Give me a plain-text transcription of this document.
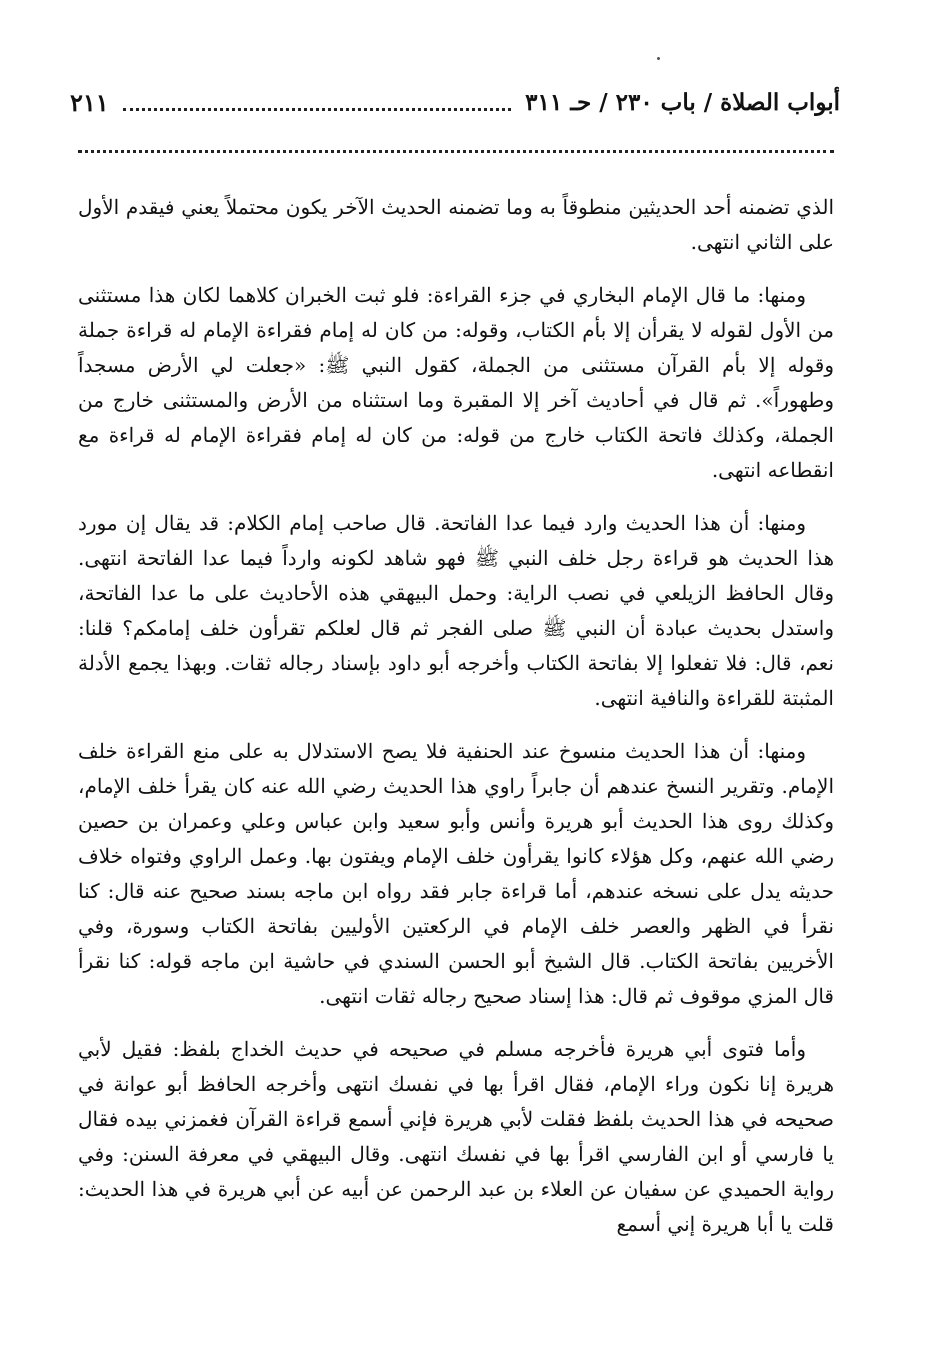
أبواب الصلاة / باب ٢٣٠ / حـ ٣١١
٢١١

الذي تضمنه أحد الحديثين منطوقاً به وما تضمنه الحديث الآخر يكون محتملاً يعني فيقدم الأول على الثاني انتهى.

ومنها: ما قال الإمام البخاري في جزء القراءة: فلو ثبت الخبران كلاهما لكان هذا مستثنى من الأول لقوله لا يقرأن إلا بأم الكتاب، وقوله: من كان له إمام فقراءة الإمام له قراءة جملة وقوله إلا بأم القرآن مستثنى من الجملة، كقول النبي ﷺ: «جعلت لي الأرض مسجداً وطهوراً». ثم قال في أحاديث آخر إلا المقبرة وما استثناه من الأرض والمستثنى خارج من الجملة، وكذلك فاتحة الكتاب خارج من قوله: من كان له إمام فقراءة الإمام له قراءة مع انقطاعه انتهى.

ومنها: أن هذا الحديث وارد فيما عدا الفاتحة. قال صاحب إمام الكلام: قد يقال إن مورد هذا الحديث هو قراءة رجل خلف النبي ﷺ فهو شاهد لكونه وارداً فيما عدا الفاتحة انتهى. وقال الحافظ الزيلعي في نصب الراية: وحمل البيهقي هذه الأحاديث على ما عدا الفاتحة، واستدل بحديث عبادة أن النبي ﷺ صلى الفجر ثم قال لعلكم تقرأون خلف إمامكم؟ قلنا: نعم، قال: فلا تفعلوا إلا بفاتحة الكتاب وأخرجه أبو داود بإسناد رجاله ثقات. وبهذا يجمع الأدلة المثبتة للقراءة والنافية انتهى.

ومنها: أن هذا الحديث منسوخ عند الحنفية فلا يصح الاستدلال به على منع القراءة خلف الإمام. وتقرير النسخ عندهم أن جابراً راوي هذا الحديث رضي الله عنه كان يقرأ خلف الإمام، وكذلك روى هذا الحديث أبو هريرة وأنس وأبو سعيد وابن عباس وعلي وعمران بن حصين رضي الله عنهم، وكل هؤلاء كانوا يقرأون خلف الإمام ويفتون بها. وعمل الراوي وفتواه خلاف حديثه يدل على نسخه عندهم، أما قراءة جابر فقد رواه ابن ماجه بسند صحيح عنه قال: كنا نقرأ في الظهر والعصر خلف الإمام في الركعتين الأوليين بفاتحة الكتاب وسورة، وفي الأخريين بفاتحة الكتاب. قال الشيخ أبو الحسن السندي في حاشية ابن ماجه قوله: كنا نقرأ قال المزي موقوف ثم قال: هذا إسناد صحيح رجاله ثقات انتهى.

وأما فتوى أبي هريرة فأخرجه مسلم في صحيحه في حديث الخداج بلفظ: فقيل لأبي هريرة إنا نكون وراء الإمام، فقال اقرأ بها في نفسك انتهى وأخرجه الحافظ أبو عوانة في صحيحه في هذا الحديث بلفظ فقلت لأبي هريرة فإني أسمع قراءة القرآن فغمزني بيده فقال يا فارسي أو ابن الفارسي اقرأ بها في نفسك انتهى. وقال البيهقي في معرفة السنن: وفي رواية الحميدي عن سفيان عن العلاء بن عبد الرحمن عن أبيه عن أبي هريرة في هذا الحديث: قلت يا أبا هريرة إني أسمع
